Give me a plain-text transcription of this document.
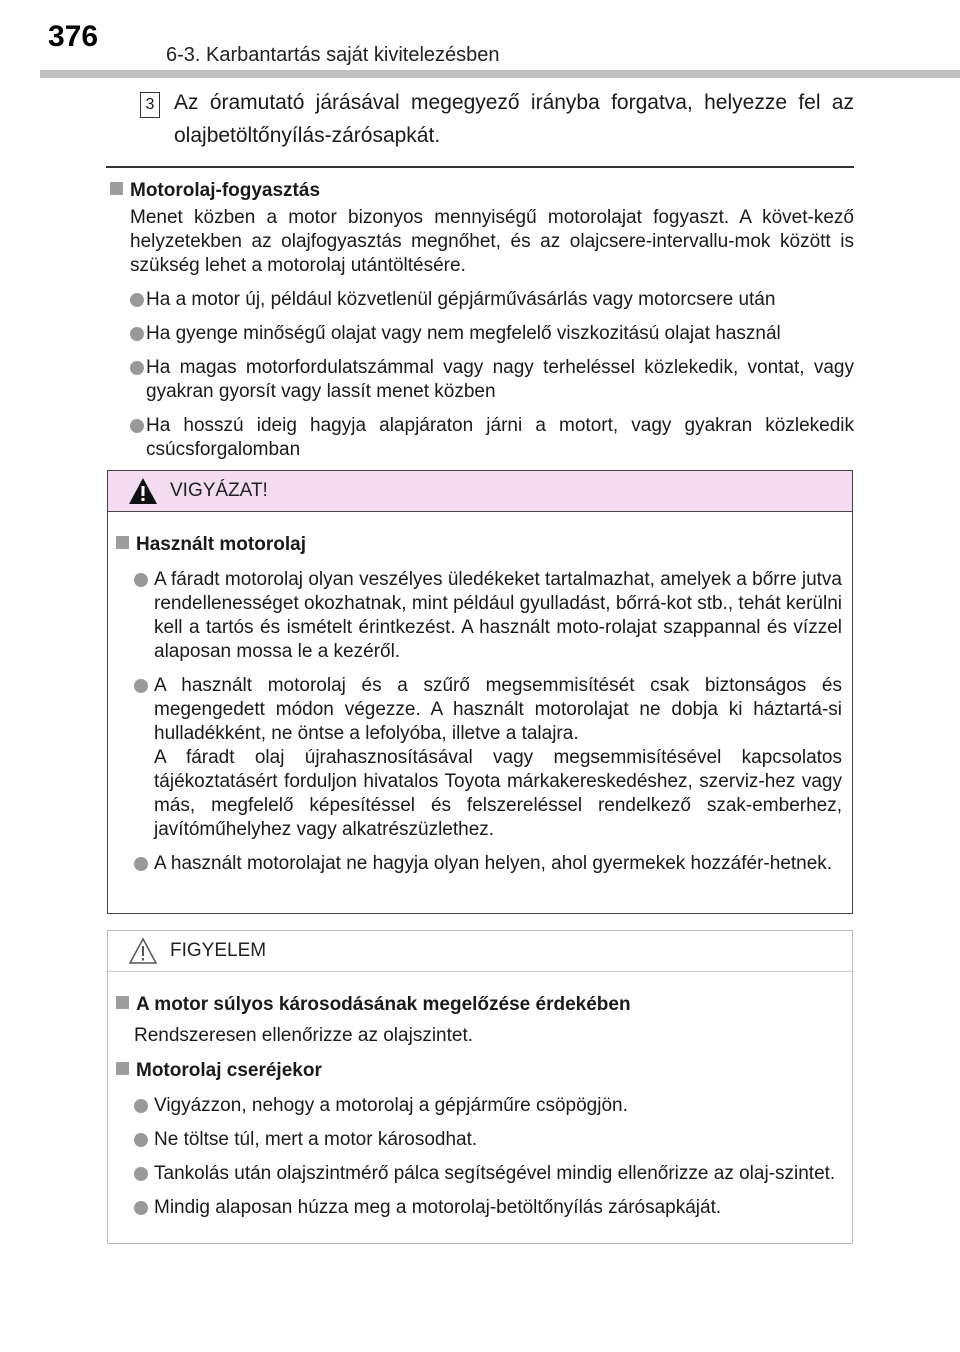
376
6-3. Karbantartás saját kivitelezésben
3 Az óramutató járásával megegyező irányba forgatva, helyezze fel az olajbetöltőnyílás-zárósapkát.
Motorolaj-fogyasztás
Menet közben a motor bizonyos mennyiségű motorolajat fogyaszt. A követ-kező helyzetekben az olajfogyasztás megnőhet, és az olajcsere-intervallu-mok között is szükség lehet a motorolaj utántöltésére.
Ha a motor új, például közvetlenül gépjárművásárlás vagy motorcsere után
Ha gyenge minőségű olajat vagy nem megfelelő viszkozitású olajat használ
Ha magas motorfordulatszámmal vagy nagy terheléssel közlekedik, vontat, vagy gyakran gyorsít vagy lassít menet közben
Ha hosszú ideig hagyja alapjáraton járni a motort, vagy gyakran közlekedik csúcsforgalomban
VIGYÁZAT!
Használt motorolaj
A fáradt motorolaj olyan veszélyes üledékeket tartalmazhat, amelyek a bőrre jutva rendellenességet okozhatnak, mint például gyulladást, bőrrá-kot stb., tehát kerülni kell a tartós és ismételt érintkezést. A használt moto-rolajat szappannal és vízzel alaposan mossa le a kezéről.
A használt motorolaj és a szűrő megsemmisítését csak biztonságos és megengedett módon végezze. A használt motorolajat ne dobja ki háztartá-si hulladékként, ne öntse a lefolyóba, illetve a talajra.
A fáradt olaj újrahasznosításával vagy megsemmisítésével kapcsolatos tájékoztatásért forduljon hivatalos Toyota márkakereskedéshez, szerviz-hez vagy más, megfelelő képesítéssel és felszereléssel rendelkező szak-emberhez, javítóműhelyhez vagy alkatrészüzlethez.
A használt motorolajat ne hagyja olyan helyen, ahol gyermekek hozzáfér-hetnek.
FIGYELEM
A motor súlyos károsodásának megelőzése érdekében
Rendszeresen ellenőrizze az olajszintet.
Motorolaj cseréjekor
Vigyázzon, nehogy a motorolaj a gépjárműre csöpögjön.
Ne töltse túl, mert a motor károsodhat.
Tankolás után olajszintmérő pálca segítségével mindig ellenőrizze az olaj-szintet.
Mindig alaposan húzza meg a motorolaj-betöltőnyílás zárósapkáját.
